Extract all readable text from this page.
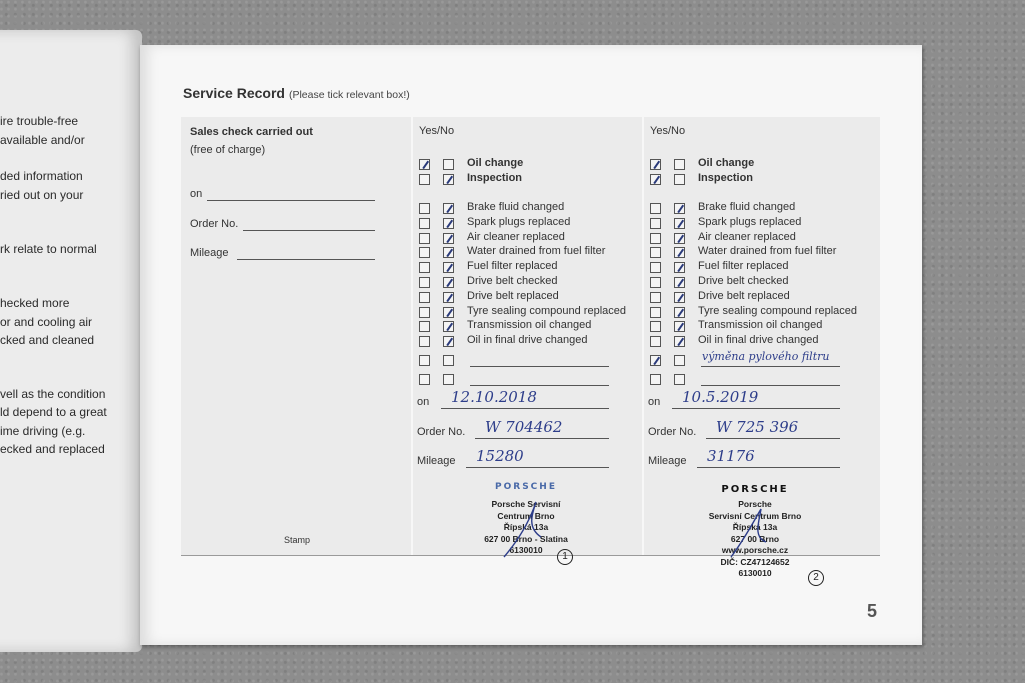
ire trouble-free
available and/or
ded information
ried out on your
rk relate to normal
hecked more
or and cooling air
cked and cleaned
vell as the condition
ld depend to a great
ime driving (e.g.
ecked and replaced
Service Record (Please tick relevant box!)
Sales check carried out
(free of charge)
on
Order No.
Mileage
Stamp
Yes/No
Oil change
Inspection
Brake fluid changed
Spark plugs replaced
Air cleaner replaced
Water drained from fuel filter
Fuel filter replaced
Drive belt checked
Drive belt replaced
Tyre sealing compound replaced
Transmission oil changed
Oil in final drive changed
on 12.10.2018
Order No. W 704462
Mileage 15280
PORSCHE
Porsche Servisní
Centrum Brno
Řípská 13a
627 00 Brno - Slatina
6130010
1
Yes/No
Oil change
Inspection
Brake fluid changed
Spark plugs replaced
Air cleaner replaced
Water drained from fuel filter
Fuel filter replaced
Drive belt checked
Drive belt replaced
Tyre sealing compound replaced
Transmission oil changed
Oil in final drive changed
výměna pylového filtru
on 10.5.2019
Order No. W 725 396
Mileage 31176
PORSCHE
Porsche
Servisní Centrum Brno
Řípská 13a
627 00 Brno
www.porsche.cz
DIČ: CZ47124652
6130010	2
5
